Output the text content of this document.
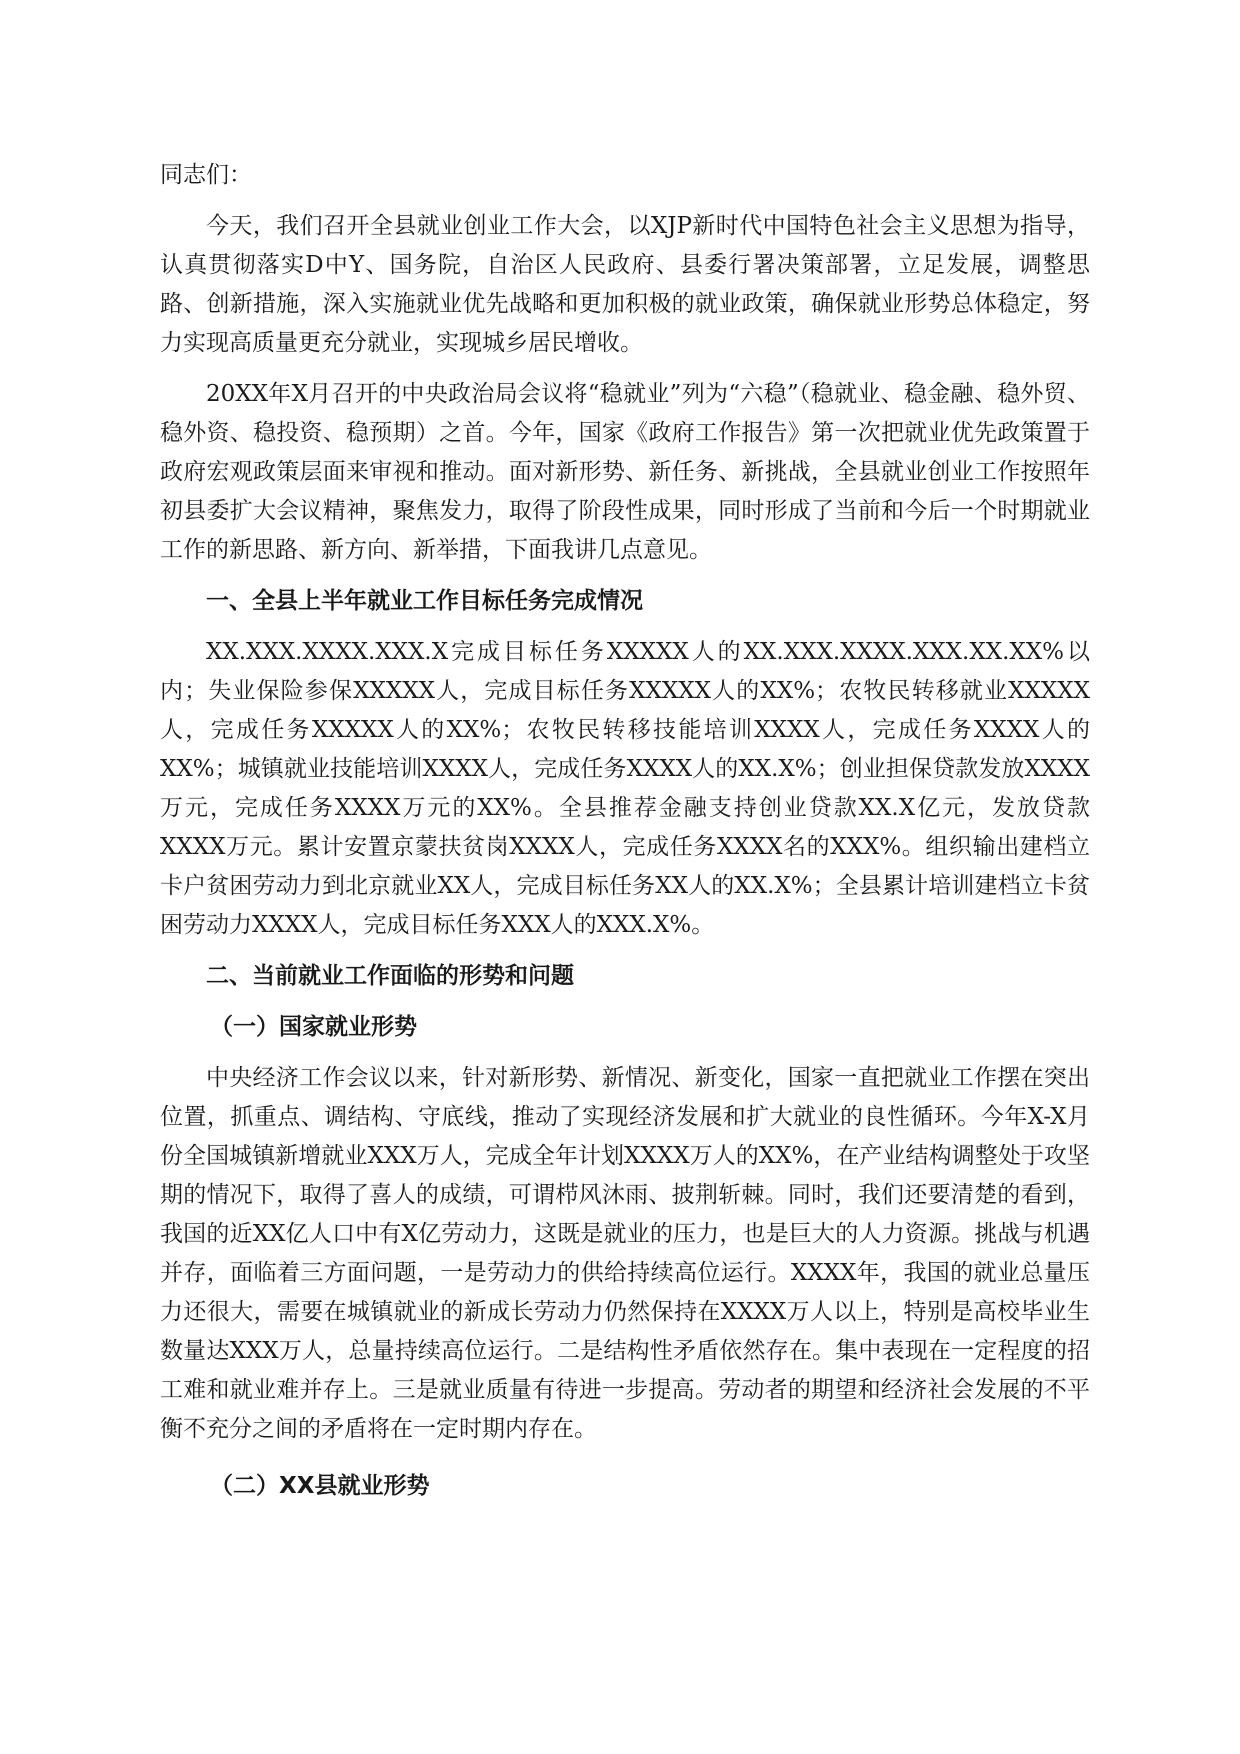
同志们：

今天，我们召开全县就业创业工作大会，以XJP新时代中国特色社会主义思想为指导，认真贯彻落实D中Y、国务院，自治区人民政府、县委行署决策部署，立足发展，调整思路、创新措施，深入实施就业优先战略和更加积极的就业政策，确保就业形势总体稳定，努力实现高质量更充分就业，实现城乡居民增收。

20XX年X月召开的中央政治局会议将“稳就业”列为“六稳”（稳就业、稳金融、稳外贸、稳外资、稳投资、稳预期）之首。今年，国家《政府工作报告》第一次把就业优先政策置于政府宏观政策层面来审视和推动。面对新形势、新任务、新挑战，全县就业创业工作按照年初县委扩大会议精神，聚焦发力，取得了阶段性成果，同时形成了当前和今后一个时期就业工作的新思路、新方向、新举措，下面我讲几点意见。

一、全县上半年就业工作目标任务完成情况

XX.XXX.XXXX.XXX.X完成目标任务XXXXX人的XX.XXX.XXXX.XXX.XX.XX%以内；失业保险参保XXXXX人，完成目标任务XXXXX人的XX%；农牧民转移就业XXXXX人，完成任务XXXXX人的XX%；农牧民转移技能培训XXXX人，完成任务XXXX人的XX%；城镇就业技能培训XXXX人，完成任务XXXX人的XX.X%；创业担保贷款发放XXXX万元，完成任务XXXX万元的XX%。全县推荐金融支持创业贷款XX.X亿元，发放贷款XXXX万元。累计安置京蒙扶贫岗XXXX人，完成任务XXXX名的XXX%。组织输出建档立卡户贫困劳动力到北京就业XX人，完成目标任务XX人的XX.X%；全县累计培训建档立卡贫困劳动力XXXX人，完成目标任务XXX人的XXX.X%。

二、当前就业工作面临的形势和问题

（一）国家就业形势

中央经济工作会议以来，针对新形势、新情况、新变化，国家一直把就业工作摆在突出位置，抓重点、调结构、守底线，推动了实现经济发展和扩大就业的良性循环。今年X-X月份全国城镇新增就业XXX万人，完成全年计划XXXX万人的XX%，在产业结构调整处于攻坚期的情况下，取得了喜人的成绩，可谓栉风沐雨、披荆斩棘。同时，我们还要清楚的看到，我国的近XX亿人口中有X亿劳动力，这既是就业的压力，也是巨大的人力资源。挑战与机遇并存，面临着三方面问题，一是劳动力的供给持续高位运行。XXXX年，我国的就业总量压力还很大，需要在城镇就业的新成长劳动力仍然保持在XXXX万人以上，特别是高校毕业生数量达XXX万人，总量持续高位运行。二是结构性矛盾依然存在。集中表现在一定程度的招工难和就业难并存上。三是就业质量有待进一步提高。劳动者的期望和经济社会发展的不平衡不充分之间的矛盾将在一定时期内存在。

（二）XX县就业形势
